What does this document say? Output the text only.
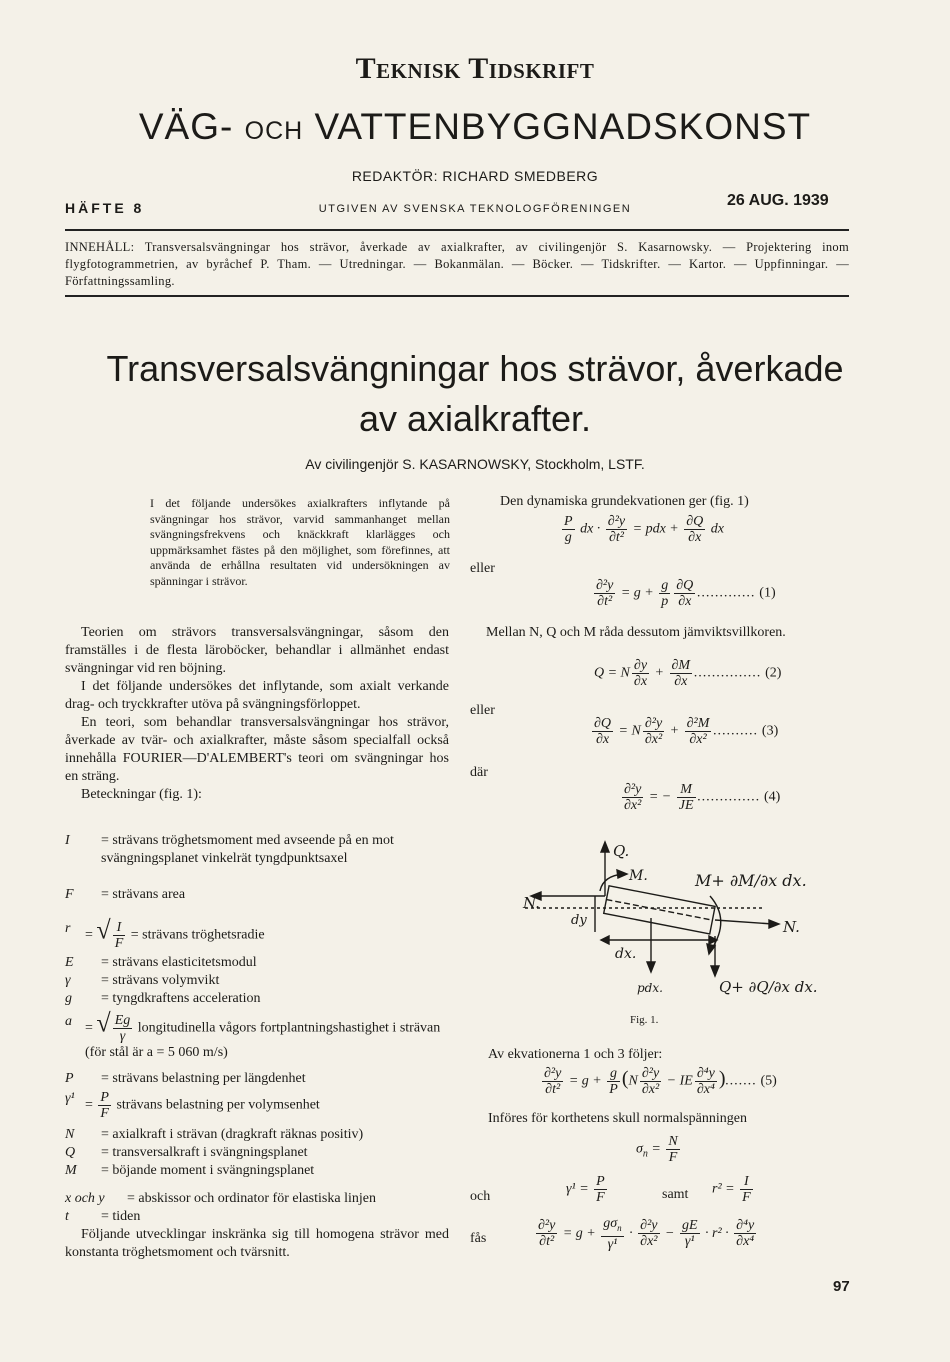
Teknisk Tidskrift
VÄG- OCH VATTENBYGGNADSKONST
REDAKTÖR: RICHARD SMEDBERG
HÄFTE 8	UTGIVEN AV SVENSKA TEKNOLOGFÖRENINGEN	26 AUG. 1939
INNEHÅLL: Transversalsvängningar hos strävor, åverkade av axialkrafter, av civilingenjör S. Kasarnowsky. — Projektering inom flygfotogrammetrien, av byråchef P. Tham. — Utredningar. — Bokanmälan. — Böcker. — Tidskrifter. — Kartor. — Uppfinningar. — Författningssamling.
Transversalsvängningar hos strävor, åverkade
av axialkrafter.
Av civilingenjör S. KASARNOWSKY, Stockholm, LSTF.
I det följande undersökes axialkrafters inflytande på svängningar hos strävor, varvid sammanhanget mellan svängningsfrekvens och knäckkraft klarlägges och uppmärksamhet fästes på den möjlighet, som förefinnes, att använda de erhållna resultaten vid undersökningen av spänningar i strävor.

Teorien om strävors transversalsvängningar, såsom den framställes i de flesta läroböcker, behandlar i allmänhet endast svängningar vid ren böjning.

I det följande undersökes det inflytande, som axialt verkande drag- och tryckkrafter utöva på svängningsförloppet.

En teori, som behandlar transversalsvängningar hos strävor, åverkade av tvär- och axialkrafter, måste såsom specialfall också innehålla FOURIER—D'ALEMBERT's teori om svängningar hos en sträng.

Beteckningar (fig. 1):

I	= strävans tröghetsmoment med avseende på en mot svängningsplanet vinkelrät tyngdpunktsaxel
F	= strävans area
r	= √ $\frac{I}{F}$ = strävans tröghetsradie
E	= strävans elasticitetsmodul
γ	= strävans volymvikt
g	= tyngdkraftens acceleration
a = √ $\frac{Eg}{\gamma}$ longitudinella vågors fortplantningshastighet i strävan (för stål är a = 5 060 m/s)
P	= strävans belastning per längdenhet
$\gamma^1 = \frac{P}{F}$ strävans belastning per volymsenhet
N	= axialkraft i strävan (dragkraft räknas positiv)
Q	= transversalkraft i svängningsplanet
M	= böjande moment i svängningsplanet
x och y	= abskissor och ordinator för elastiska linjen
t	= tiden

Följande utvecklingar inskränka sig till homogena strävor med konstanta tröghetsmoment och tvärsnitt.

Den dynamiska grundekvationen ger (fig. 1)
$\frac{P}{g}$ dx · $\frac{\text{∂²y}}{\text{∂t²}}$ = pdx + $\frac{\partial Q}{\partial x}$ dx
eller
$\frac{\text{∂²y}}{\text{∂t²}} = g + \frac{g}{p} \frac{\partial Q}{\partial x}$ ............. (1)
Mellan N, Q och M råda dessutom jämviktsvillkoren.
Q = N $\frac{\partial y}{\partial x} + \frac{\partial M}{\partial x}$ ............... (2)
eller
$\frac{\partial Q}{\partial x} = N \frac{\text{∂²y}}{\text{∂x²}} + \frac{\text{∂²M}}{\text{∂x²}}$ .......... (3)
där
$\frac{\text{∂²y}}{\text{∂x²}}$ = − $\frac{M}{JE}$ .............. (4)
Q.
M.
N.
dy
M+ ∂M/∂x dx.
N.
dx.
pdx.	Q+ ∂Q/∂x dx.
Fig. 1.
Av ekvationerna 1 och 3 följer:
$\frac{\text{∂²y}}{\text{∂t²}} = g + \frac{g}{P} (N \frac{\text{∂²y}}{\text{∂x²}}$ − IE $\frac{\text{∂⁴y}}{\text{∂x⁴}}$ )....... (5)
Införes för korthetens skull normalspänningen
$\sigma_n = \frac{N}{F}$
och	$\gamma^1 = \frac{P}{F}$	samt $r^2 = \frac{I}{F}$
fås	$\frac{\text{∂²y}}{\text{∂t²}} = g + \frac{g\sigma_n}{\text{γ¹}} \cdot \frac{\text{∂²y}}{\text{∂x²}} - \frac{gE}{\text{γ¹}} \cdot r^2 \cdot \frac{\text{∂⁴y}}{\text{∂x⁴}}$
97
